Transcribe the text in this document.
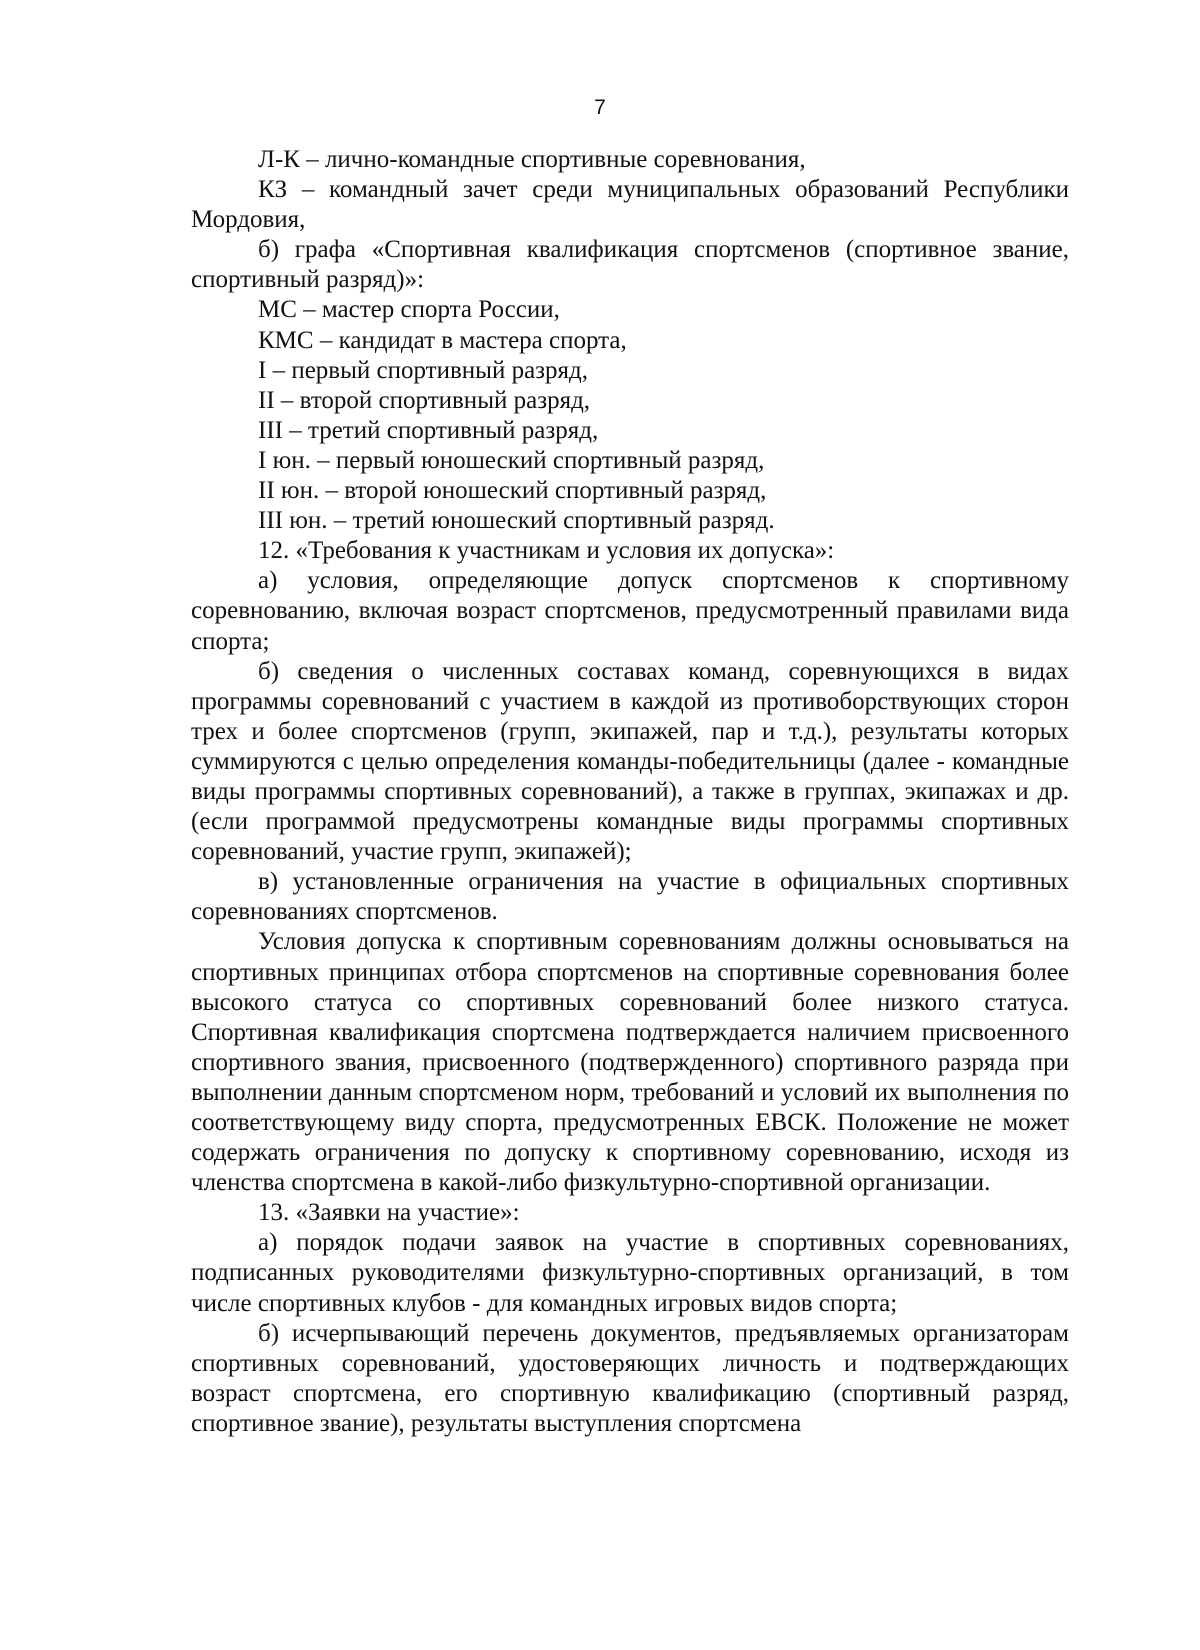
7

Л-К – лично-командные спортивные соревнования,

КЗ – командный зачет среди муниципальных образований Республики Мордовия,

б) графа «Спортивная квалификация спортсменов (спортивное звание, спортивный разряд)»:

МС – мастер спорта России,

КМС – кандидат в мастера спорта,

I – первый спортивный разряд,

II – второй спортивный разряд,

III – третий спортивный разряд,

I юн. – первый юношеский спортивный разряд,

II юн. – второй юношеский спортивный разряд,

III юн. – третий юношеский спортивный разряд.

12. «Требования к участникам и условия их допуска»:

а) условия, определяющие допуск спортсменов к спортивному соревнованию, включая возраст спортсменов, предусмотренный правилами вида спорта;

б) сведения о численных составах команд, соревнующихся в видах программы соревнований с участием в каждой из противоборствующих сторон трех и более спортсменов (групп, экипажей, пар и т.д.), результаты которых суммируются с целью определения команды-победительницы (далее - командные виды программы спортивных соревнований), а также в группах, экипажах и др. (если программой предусмотрены командные виды программы спортивных соревнований, участие групп, экипажей);

в) установленные ограничения на участие в официальных спортивных соревнованиях спортсменов.

Условия допуска к спортивным соревнованиям должны основываться на спортивных принципах отбора спортсменов на спортивные соревнования более высокого статуса со спортивных соревнований более низкого статуса. Спортивная квалификация спортсмена подтверждается наличием присвоенного спортивного звания, присвоенного (подтвержденного) спортивного разряда при выполнении данным спортсменом норм, требований и условий их выполнения по соответствующему виду спорта, предусмотренных ЕВСК. Положение не может содержать ограничения по допуску к спортивному соревнованию, исходя из членства спортсмена в какой-либо физкультурно-спортивной организации.

13. «Заявки на участие»:

а) порядок подачи заявок на участие в спортивных соревнованиях, подписанных руководителями физкультурно-спортивных организаций, в том числе спортивных клубов - для командных игровых видов спорта;

б) исчерпывающий перечень документов, предъявляемых организаторам спортивных соревнований, удостоверяющих личность и подтверждающих возраст спортсмена, его спортивную квалификацию (спортивный разряд, спортивное звание), результаты выступления спортсмена
